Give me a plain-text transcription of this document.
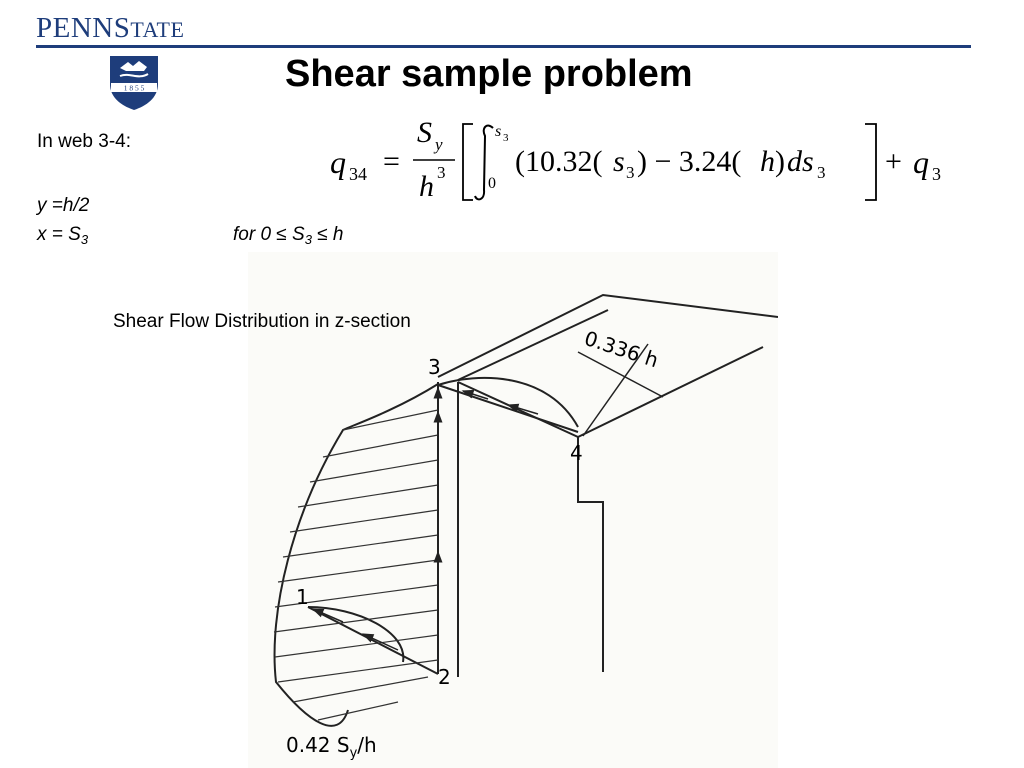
PENNSTATE
1 8 5 5	Shear sample problem
In web 3-4:
y =h/2
$x = S_3$	for $0 \le S_3 \le h$
q 34 =
S y
h 3
s 3
0
(10.32( s 3 ) − 3.24( h ) ds 3 + q 3
3
4
1
2
0.336 h
0.42 $S_y/h$
Shear Flow Distribution in z-section
